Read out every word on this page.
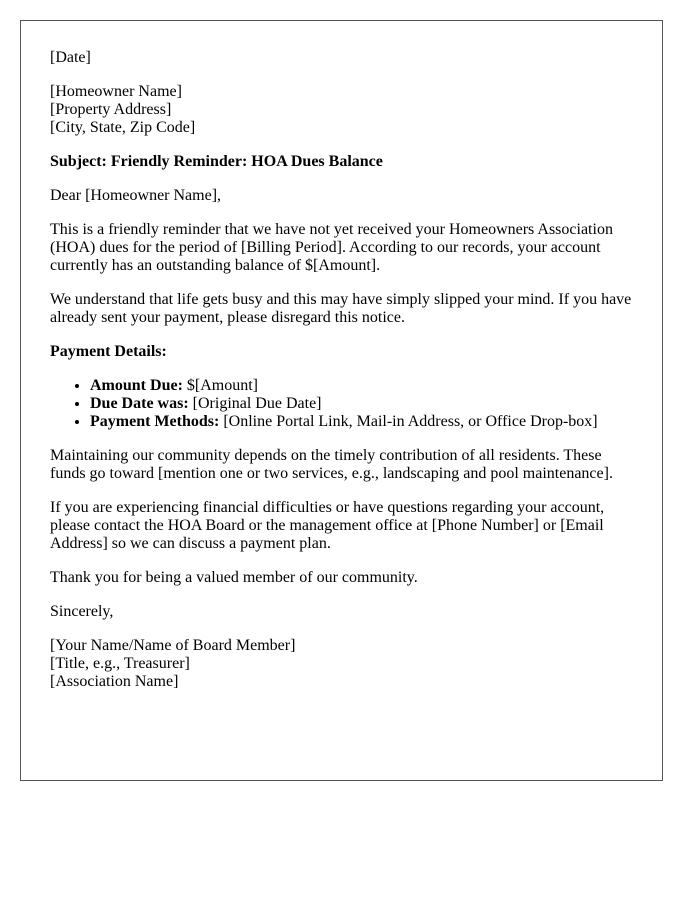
[Date]

[Homeowner Name]
[Property Address]
[City, State, Zip Code]

Subject: Friendly Reminder: HOA Dues Balance

Dear [Homeowner Name],

This is a friendly reminder that we have not yet received your Homeowners Association (HOA) dues for the period of [Billing Period]. According to our records, your account currently has an outstanding balance of $[Amount].

We understand that life gets busy and this may have simply slipped your mind. If you have already sent your payment, please disregard this notice.

Payment Details:

• Amount Due: $[Amount]
• Due Date was: [Original Due Date]
• Payment Methods: [Online Portal Link, Mail-in Address, or Office Drop-box]

Maintaining our community depends on the timely contribution of all residents. These funds go toward [mention one or two services, e.g., landscaping and pool maintenance].

If you are experiencing financial difficulties or have questions regarding your account, please contact the HOA Board or the management office at [Phone Number] or [Email Address] so we can discuss a payment plan.

Thank you for being a valued member of our community.

Sincerely,

[Your Name/Name of Board Member]
[Title, e.g., Treasurer]
[Association Name]
